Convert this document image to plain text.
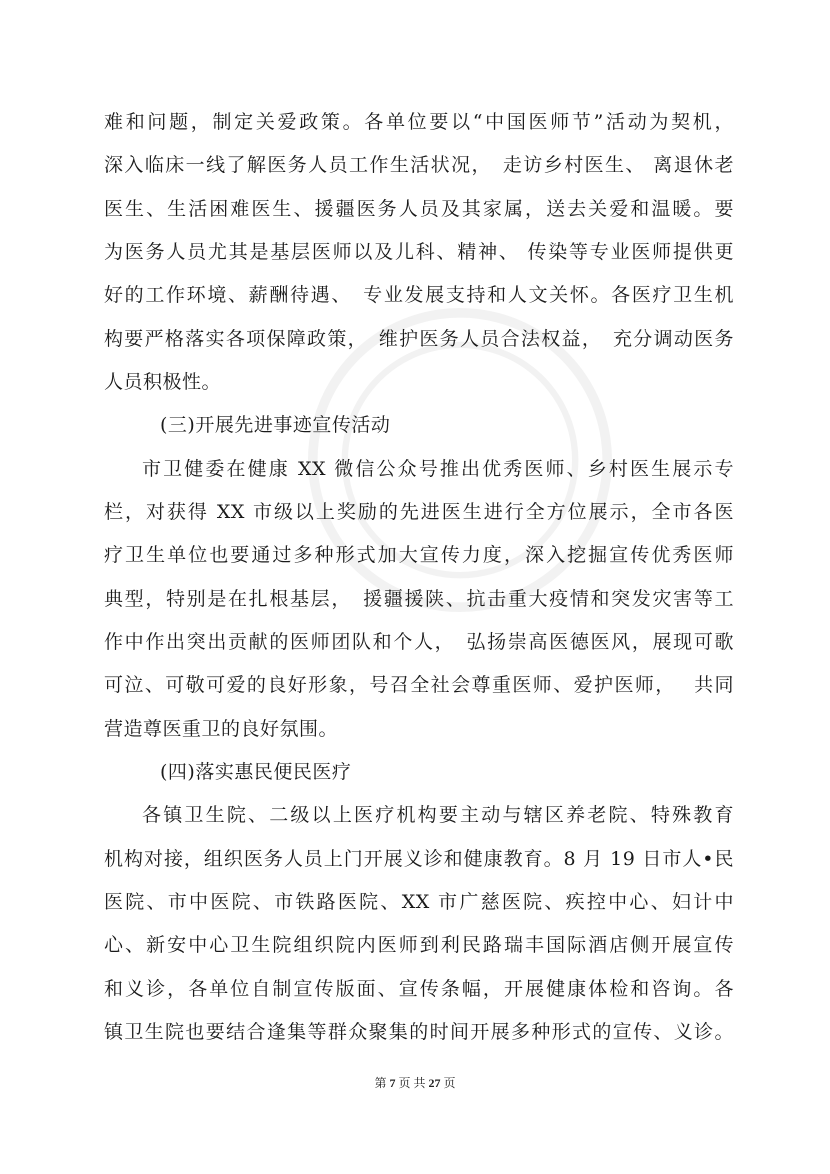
难和问题，制定关爱政策。各单位要以“中国医师节”活动为契机，
深入临床一线了解医务人员工作生活状况，　走访乡村医生、 离退休老
医生、生活困难医生、援疆医务人员及其家属，送去关爱和温暖。要
为医务人员尤其是基层医师以及儿科、精神、 传染等专业医师提供更
好的工作环境、薪酬待遇、　专业发展支持和人文关怀。各医疗卫生机
构要严格落实各项保障政策，　维护医务人员合法权益，　充分调动医务
人员积极性。
(三)开展先进事迹宣传活动
市卫健委在健康 XX 微信公众号推出优秀医师、乡村医生展示专
栏，对获得 XX 市级以上奖励的先进医生进行全方位展示，全市各医
疗卫生单位也要通过多种形式加大宣传力度，深入挖掘宣传优秀医师
典型，特别是在扎根基层，　援疆援陕、抗击重大疫情和突发灾害等工
作中作出突出贡献的医师团队和个人，　弘扬崇高医德医风，展现可歌
可泣、可敬可爱的良好形象，号召全社会尊重医师、爱护医师，　 共同
营造尊医重卫的良好氛围。
(四)落实惠民便民医疗
各镇卫生院、二级以上医疗机构要主动与辖区养老院、特殊教育
机构对接，组织医务人员上门开展义诊和健康教育。8 月 19 日市人•民
医院、市中医院、市铁路医院、XX 市广慈医院、疾控中心、妇计中
心、新安中心卫生院组织院内医师到利民路瑞丰国际酒店侧开展宣传
和义诊，各单位自制宣传版面、宣传条幅，开展健康体检和咨询。各
镇卫生院也要结合逢集等群众聚集的时间开展多种形式的宣传、义诊。
第 7 页 共 27 页
